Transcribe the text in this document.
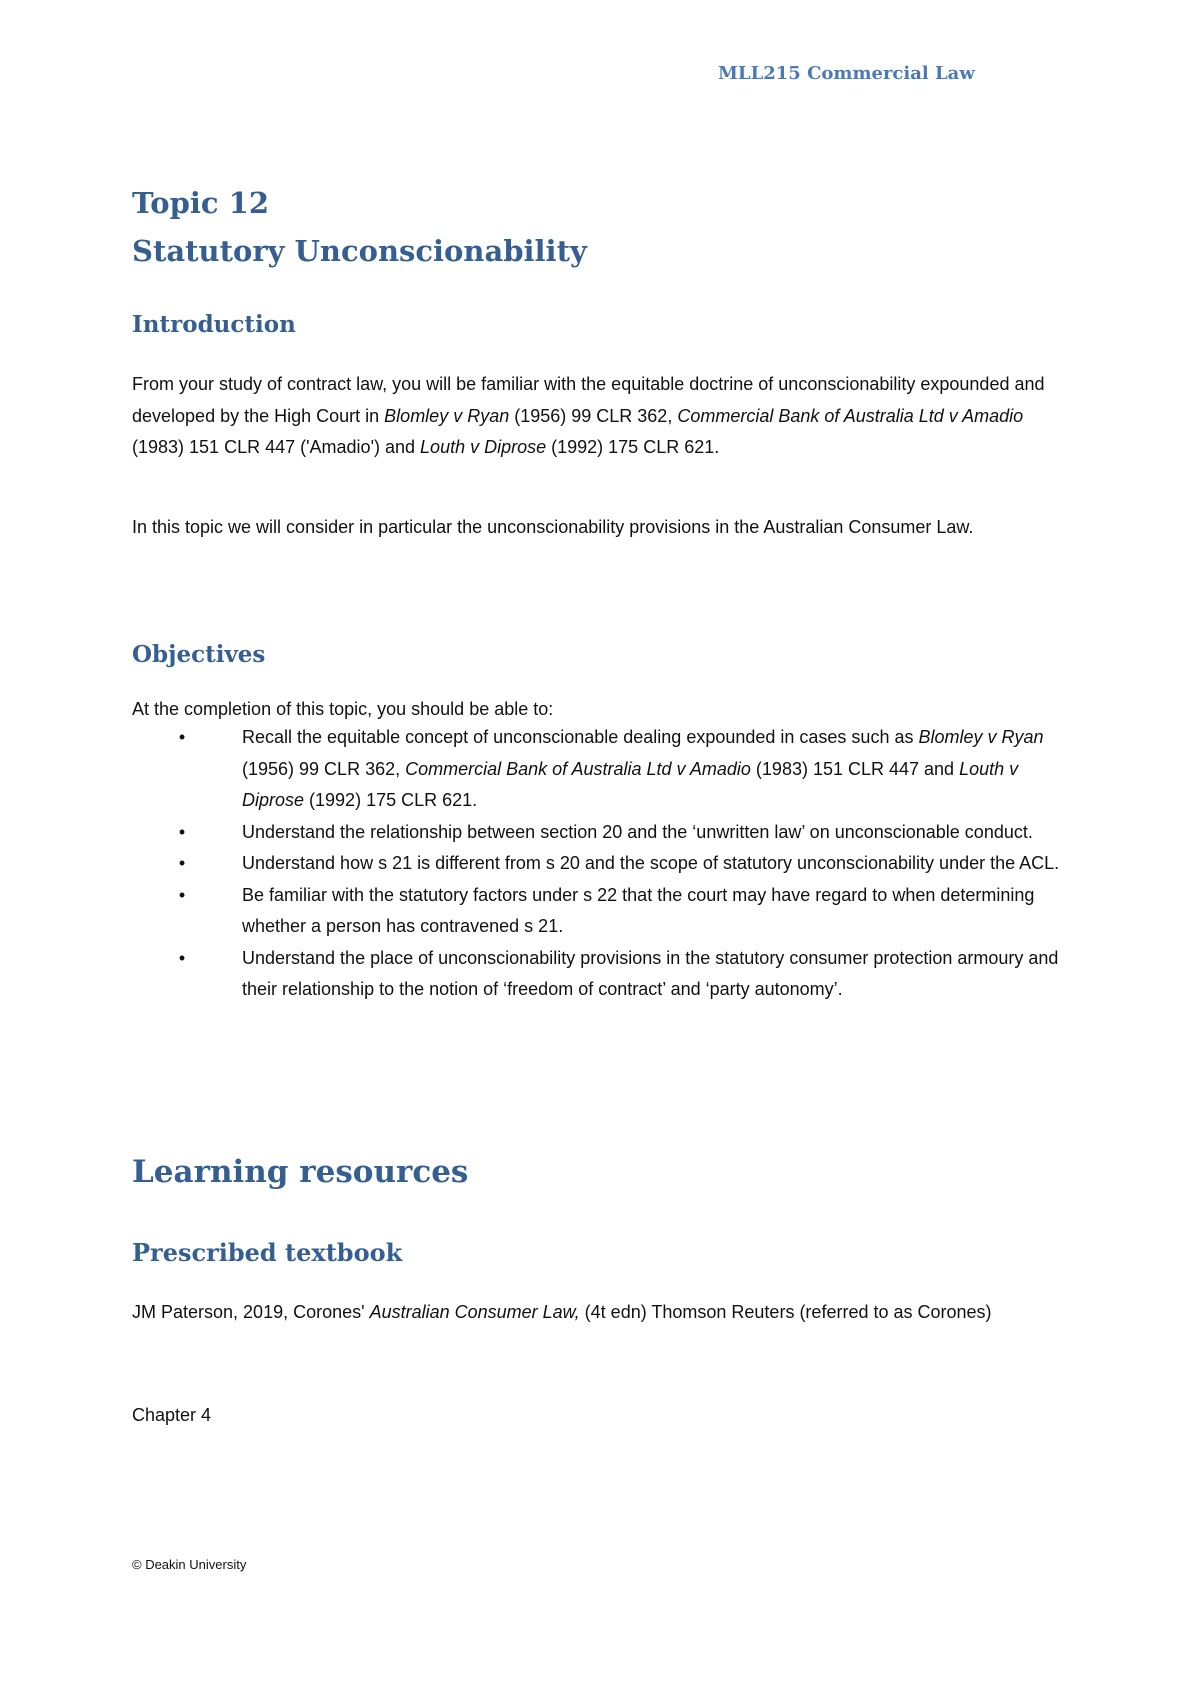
MLL215 Commercial Law
Topic 12
Statutory Unconscionability
Introduction

From your study of contract law, you will be familiar with the equitable doctrine of unconscionability expounded and developed by the High Court in Blomley v Ryan (1956) 99 CLR 362, Commercial Bank of Australia Ltd v Amadio (1983) 151 CLR 447 ('Amadio') and Louth v Diprose (1992) 175 CLR 621.

In this topic we will consider in particular the unconscionability provisions in the Australian Consumer Law.

Objectives

At the completion of this topic, you should be able to:

•	Recall the equitable concept of unconscionable dealing expounded in cases such as Blomley v Ryan (1956) 99 CLR 362, Commercial Bank of Australia Ltd v Amadio (1983) 151 CLR 447 and Louth v Diprose (1992) 175 CLR 621.
•	Understand the relationship between section 20 and the ‘unwritten law’ on unconscionable conduct.
•	Understand how s 21 is different from s 20 and the scope of statutory unconscionability under the ACL.
•	Be familiar with the statutory factors under s 22 that the court may have regard to when determining whether a person has contravened s 21.
•	Understand the place of unconscionability provisions in the statutory consumer protection armoury and their relationship to the notion of ‘freedom of contract’ and ‘party autonomy’.
Learning resources
Prescribed textbook

JM Paterson, 2019, Corones' Australian Consumer Law, (4t edn) Thomson Reuters (referred to as Corones)

Chapter 4

© Deakin University
